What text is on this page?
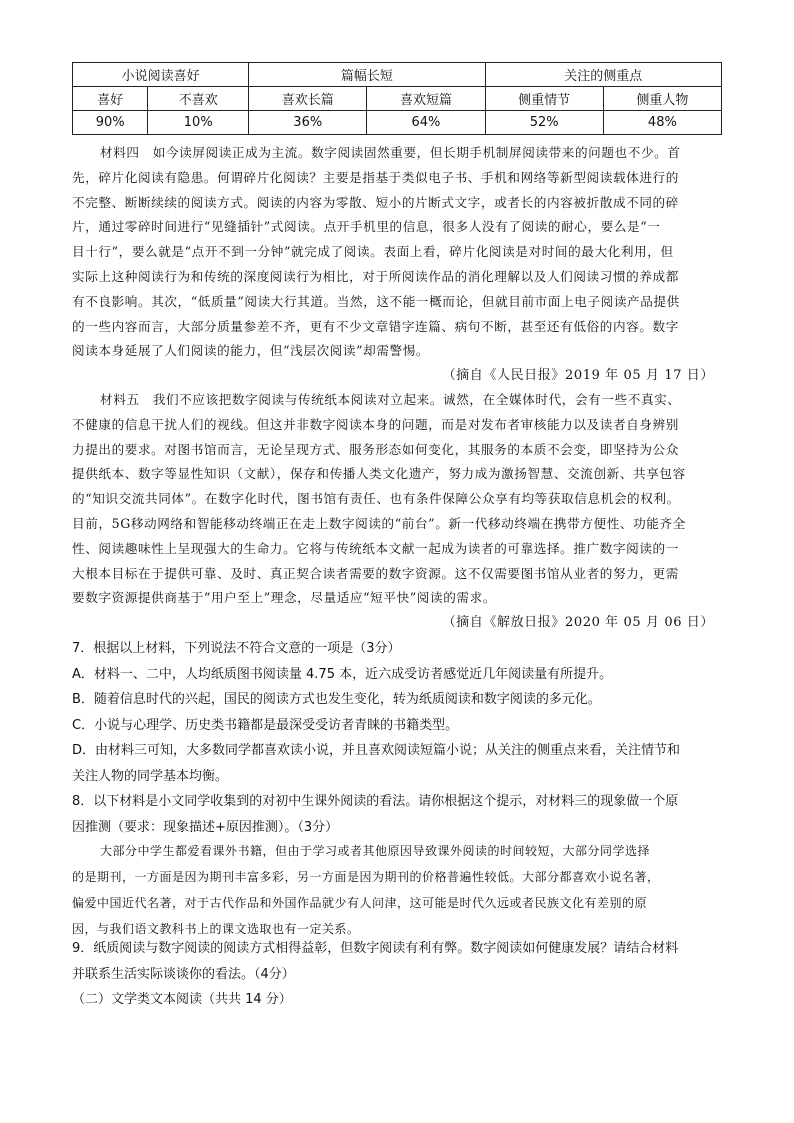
小说阅读喜好		篇幅长短		关注的侧重点	
喜好	不喜欢	喜欢长篇	喜欢短篇	侧重情节	侧重人物
90%	10%	36%	64%	52%	48%
材料四　如今读屏阅读正成为主流。数字阅读固然重要，但长期手机制屏阅读带来的问题也不少。首
先，碎片化阅读有隐患。何谓碎片化阅读？主要是指基于类似电子书、手机和网络等新型阅读载体进行的
不完整、断断续续的阅读方式。阅读的内容为零散、短小的片断式文字，或者长的内容被折散成不同的碎
片，通过零碎时间进行“见缝插针”式阅读。点开手机里的信息，很多人没有了阅读的耐心，要么是“一
目十行”，要么就是“点开不到一分钟”就完成了阅读。表面上看，碎片化阅读是对时间的最大化利用，但
实际上这种阅读行为和传统的深度阅读行为相比，对于所阅读作品的消化理解以及人们阅读习惯的养成都
有不良影响。其次，“低质量”阅读大行其道。当然，这不能一概而论，但就目前市面上电子阅读产品提供
的一些内容而言，大部分质量参差不齐，更有不少文章错字连篇、病句不断，甚至还有低俗的内容。数字
阅读本身延展了人们阅读的能力，但“浅层次阅读”却需警惕。
（摘自《人民日报》2019 年 05 月 17 日）
材料五　我们不应该把数字阅读与传统纸本阅读对立起来。诚然，在全媒体时代，会有一些不真实、
不健康的信息干扰人们的视线。但这并非数字阅读本身的问题，而是对发布者审核能力以及读者自身辨别
力提出的要求。对图书馆而言，无论呈现方式、服务形态如何变化，其服务的本质不会变，即坚持为公众
提供纸本、数字等显性知识（文献），保存和传播人类文化遗产，努力成为激扬智慧、交流创新、共享包容
的“知识交流共同体”。在数字化时代，图书馆有责任、也有条件保障公众享有均等获取信息机会的权利。
目前，5G移动网络和智能移动终端正在走上数字阅读的“前台”。新一代移动终端在携带方便性、功能齐全
性、阅读趣味性上呈现强大的生命力。它将与传统纸本文献一起成为读者的可靠选择。推广数字阅读的一
大根本目标在于提供可靠、及时、真正契合读者需要的数字资源。这不仅需要图书馆从业者的努力，更需
要数字资源提供商基于“用户至上”理念，尽量适应“短平快”阅读的需求。
（摘自《解放日报》2020 年 05 月 06 日）
7．根据以上材料，下列说法不符合文意的一项是（3分）
A．材料一、二中，人均纸质图书阅读量 4.75 本，近六成受访者感觉近几年阅读量有所提升。
B．随着信息时代的兴起，国民的阅读方式也发生变化，转为纸质阅读和数字阅读的多元化。
C．小说与心理学、历史类书籍都是最深受受访者青睐的书籍类型。
D．由材料三可知，大多数同学都喜欢读小说，并且喜欢阅读短篇小说；从关注的侧重点来看，关注情节和
关注人物的同学基本均衡。
8．以下材料是小文同学收集到的对初中生课外阅读的看法。请你根据这个提示，对材料三的现象做一个原
因推测（要求：现象描述+原因推测）。（3分）
大部分中学生都爱看课外书籍，但由于学习或者其他原因导致课外阅读的时间较短，大部分同学选择
的是期刊，一方面是因为期刊丰富多彩，另一方面是因为期刊的价格普遍性较低。大部分都喜欢小说名著，
偏爱中国近代名著，对于古代作品和外国作品就少有人问津，这可能是时代久远或者民族文化有差别的原
因，与我们语文教科书上的课文选取也有一定关系。
9．纸质阅读与数字阅读的阅读方式相得益彰，但数字阅读有利有弊。数字阅读如何健康发展？请结合材料
并联系生活实际谈谈你的看法。（4分）
（二）文学类文本阅读（共共 14 分）
